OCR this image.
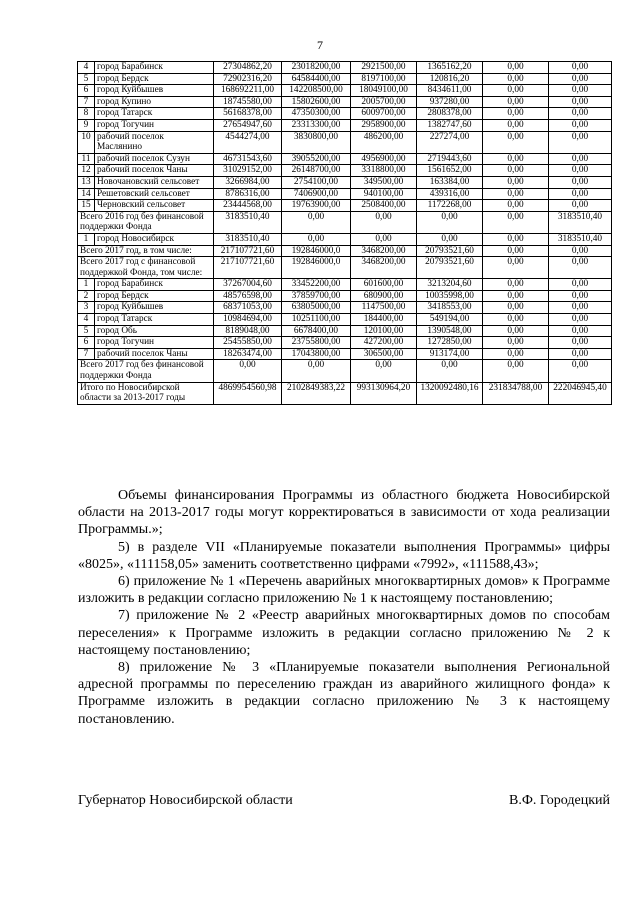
7
4	город Барабинск	27304862,20	23018200,00	2921500,00	1365162,20	0,00	0,00
5	город Бердск	72902316,20	64584400,00	8197100,00	120816,20	0,00	0,00
6	город Куйбышев	168692211,00	142208500,00	18049100,00	8434611,00	0,00	0,00
7	город Купино	18745580,00	15802600,00	2005700,00	937280,00	0,00	0,00
8	город Татарск	56168378,00	47350300,00	6009700,00	2808378,00	0,00	0,00
9	город Тогучин	27654947,60	23313300,00	2958900,00	1382747,60	0,00	0,00
10	рабочий поселок Маслянино	4544274,00	3830800,00	486200,00	227274,00	0,00	0,00
11	рабочий поселок Сузун	46731543,60	39055200,00	4956900,00	2719443,60	0,00	0,00
12	рабочий поселок Чаны	31029152,00	26148700,00	3318800,00	1561652,00	0,00	0,00
13	Новочановский сельсовет	3266984,00	2754100,00	349500,00	163384,00	0,00	0,00
14	Решетовский сельсовет	8786316,00	7406900,00	940100,00	439316,00	0,00	0,00
15	Черновский сельсовет	23444568,00	19763900,00	2508400,00	1172268,00	0,00	0,00
Всего 2016 год без финансовой поддержки Фонда		3183510,40	0,00	0,00	0,00	0,00	3183510,40
1	город Новосибирск	3183510,40	0,00	0,00	0,00	0,00	3183510,40
Всего 2017 год, в том числе:		217107721,60	192846000,0	3468200,00	20793521,60	0,00	0,00
Всего 2017 год с финансовой поддержкой Фонда, том числе:		217107721,60	192846000,0	3468200,00	20793521,60	0,00	0,00
1	город Барабинск	37267004,60	33452200,00	601600,00	3213204,60	0,00	0,00
2	город Бердск	48576598,00	37859700,00	680900,00	10035998,00	0,00	0,00
3	город Куйбышев	68371053,00	63805000,00	1147500,00	3418553,00	0,00	0,00
4	город Татарск	10984694,00	10251100,00	184400,00	549194,00	0,00	0,00
5	город Обь	8189048,00	6678400,00	120100,00	1390548,00	0,00	0,00
6	город Тогучин	25455850,00	23755800,00	427200,00	1272850,00	0,00	0,00
7	рабочий поселок Чаны	18263474,00	17043800,00	306500,00	913174,00	0,00	0,00
Всего 2017 год без финансовой поддержки Фонда		0,00	0,00	0,00	0,00	0,00	0,00
Итого по Новосибирской области за 2013-2017 годы		4869954560,98	2102849383,22	993130964,20	1320092480,16	231834788,00	222046945,40

Объемы финансирования Программы из областного бюджета Новосибирской области на 2013-2017 годы могут корректироваться в зависимости от хода реализации Программы.»;

5) в разделе VII «Планируемые показатели выполнения Программы» цифры «8025», «111158,05» заменить соответственно цифрами «7992», «111588,43»;

6) приложение № 1 «Перечень аварийных многоквартирных домов» к Программе изложить в редакции согласно приложению № 1 к настоящему постановлению;

7) приложение № 2 «Реестр аварийных многоквартирных домов по способам переселения» к Программе изложить в редакции согласно приложению № 2 к настоящему постановлению;

8) приложение № 3 «Планируемые показатели выполнения Региональной адресной программы по переселению граждан из аварийного жилищного фонда» к Программе изложить в редакции согласно приложению № 3 к настоящему постановлению.

Губернатор Новосибирской области	В.Ф. Городецкий
